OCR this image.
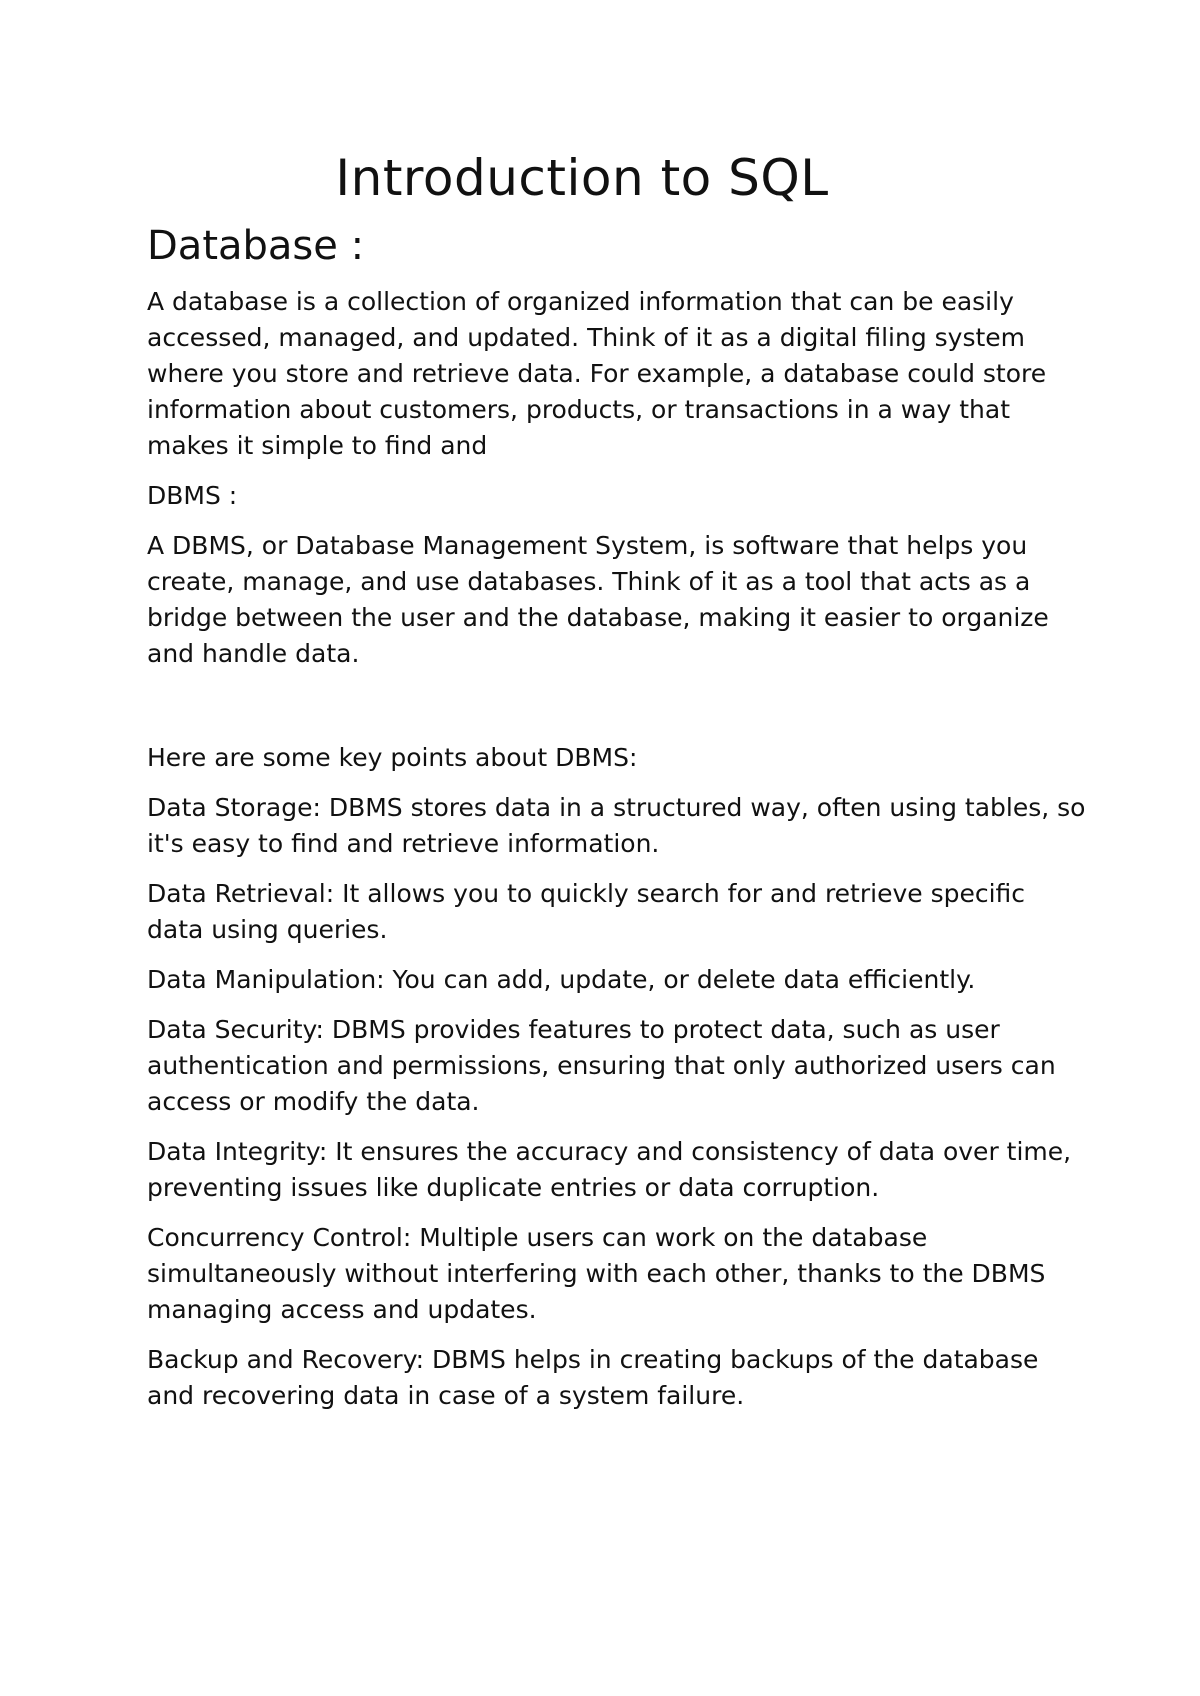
Introduction to SQL
Database :

A database is a collection of organized information that can be easily accessed, managed, and updated. Think of it as a digital filing system where you store and retrieve data. For example, a database could store information about customers, products, or transactions in a way that makes it simple to find and

DBMS :

A DBMS, or Database Management System, is software that helps you create, manage, and use databases. Think of it as a tool that acts as a bridge between the user and the database, making it easier to organize and handle data.

Here are some key points about DBMS:

Data Storage: DBMS stores data in a structured way, often using tables, so it's easy to find and retrieve information.

Data Retrieval: It allows you to quickly search for and retrieve specific data using queries.

Data Manipulation: You can add, update, or delete data efficiently.

Data Security: DBMS provides features to protect data, such as user authentication and permissions, ensuring that only authorized users can access or modify the data.

Data Integrity: It ensures the accuracy and consistency of data over time, preventing issues like duplicate entries or data corruption.

Concurrency Control: Multiple users can work on the database simultaneously without interfering with each other, thanks to the DBMS managing access and updates.

Backup and Recovery: DBMS helps in creating backups of the database and recovering data in case of a system failure.
